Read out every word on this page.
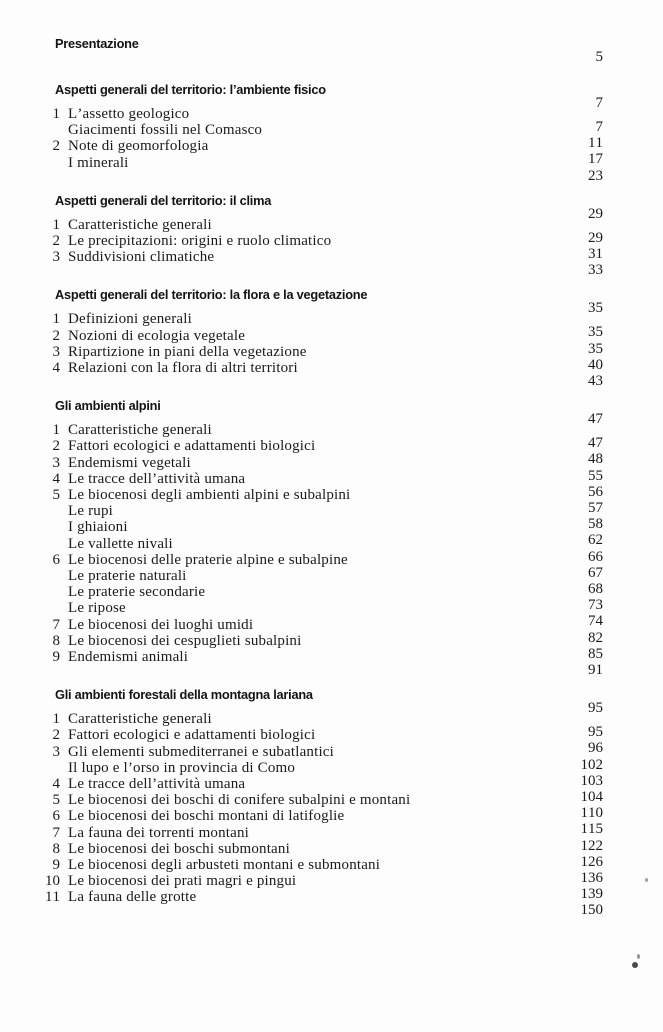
Presentazione
Aspetti generali del territorio: l’ambiente fisico
1 L’assetto geologico
Giacimenti fossili nel Comasco
2 Note di geomorfologia
I minerali
Aspetti generali del territorio: il clima
1 Caratteristiche generali
2 Le precipitazioni: origini e ruolo climatico
3 Suddivisioni climatiche
Aspetti generali del territorio: la flora e la vegetazione
1 Definizioni generali
2 Nozioni di ecologia vegetale
3 Ripartizione in piani della vegetazione
4 Relazioni con la flora di altri territori
Gli ambienti alpini
1 Caratteristiche generali
2 Fattori ecologici e adattamenti biologici
3 Endemismi vegetali
4 Le tracce dell’attività umana
5 Le biocenosi degli ambienti alpini e subalpini
Le rupi
I ghiaioni
Le vallette nivali
6 Le biocenosi delle praterie alpine e subalpine
Le praterie naturali
Le praterie secondarie
Le ripose
7 Le biocenosi dei luoghi umidi
8 Le biocenosi dei cespuglieti subalpini
9 Endemismi animali
Gli ambienti forestali della montagna lariana
1 Caratteristiche generali
2 Fattori ecologici e adattamenti biologici
3 Gli elementi submediterranei e subatlantici
Il lupo e l’orso in provincia di Como
4 Le tracce dell’attività umana
5 Le biocenosi dei boschi di conifere subalpini e montani
6 Le biocenosi dei boschi montani di latifoglie
7 La fauna dei torrenti montani
8 Le biocenosi dei boschi submontani
9 Le biocenosi degli arbusteti montani e submontani
10 Le biocenosi dei prati magri e pingui
11 La fauna delle grotte
5
7
7
11
17
23
29
29
31
33
35
35
35
40
43
47
47
48
55
56
57
58
62
66
67
68
73
74
82
85
91
95
95
96
102
103
104
110
115
122
126
136
139
150
